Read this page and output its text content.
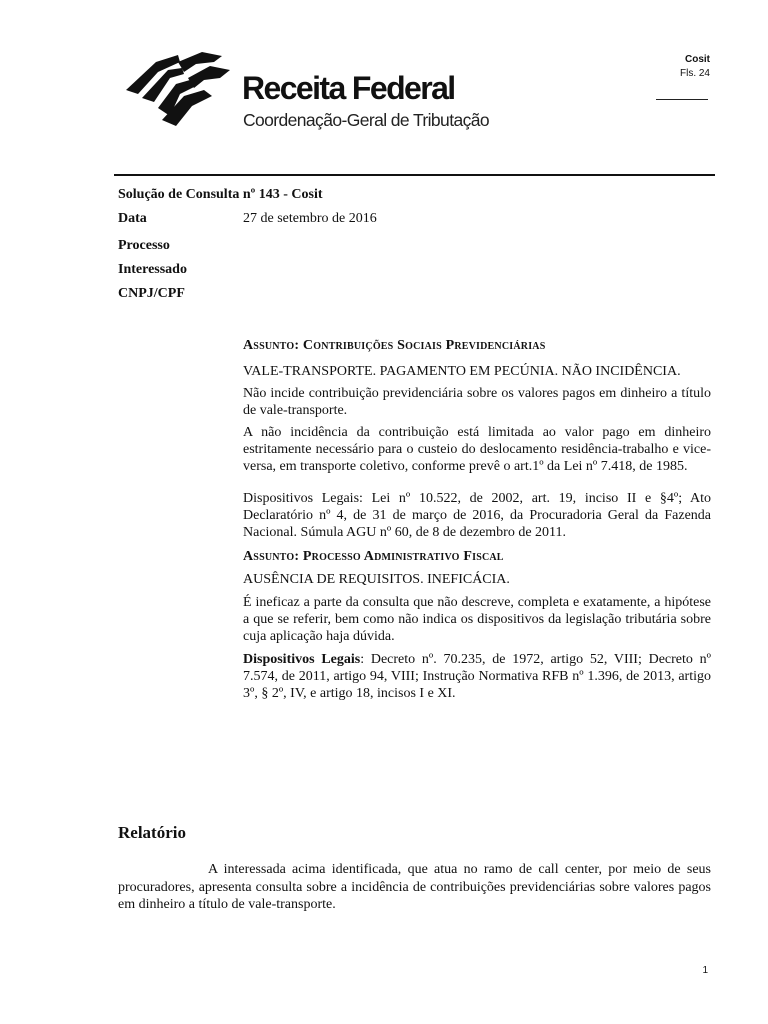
Receita Federal
Coordenação-Geral de Tributação
Cosit
Fls. 24
Solução de Consulta nº 143 - Cosit
Data	27 de setembro de 2016
Processo
Interessado
CNPJ/CPF

Assunto: Contribuições Sociais Previdenciárias

VALE-TRANSPORTE. PAGAMENTO EM PECÚNIA. NÃO INCIDÊNCIA.

Não incide contribuição previdenciária sobre os valores pagos em dinheiro a título de vale-transporte.

A não incidência da contribuição está limitada ao valor pago em dinheiro estritamente necessário para o custeio do deslocamento residência-trabalho e vice-versa, em transporte coletivo, conforme prevê o art.1º da Lei nº 7.418, de 1985.

Dispositivos Legais: Lei nº 10.522, de 2002, art. 19, inciso II e §4º; Ato Declaratório nº 4, de 31 de março de 2016, da Procuradoria Geral da Fazenda Nacional. Súmula AGU nº 60, de 8 de dezembro de 2011.

Assunto: Processo Administrativo Fiscal

AUSÊNCIA DE REQUISITOS. INEFICÁCIA.

É ineficaz a parte da consulta que não descreve, completa e exatamente, a hipótese a que se referir, bem como não indica os dispositivos da legislação tributária sobre cuja aplicação haja dúvida.

Dispositivos Legais: Decreto nº. 70.235, de 1972, artigo 52, VIII; Decreto nº 7.574, de 2011, artigo 94, VIII; Instrução Normativa RFB nº 1.396, de 2013, artigo 3º, § 2º, IV, e artigo 18, incisos I e XI.

Relatório
A interessada acima identificada, que atua no ramo de call center, por meio de seus procuradores, apresenta consulta sobre a incidência de contribuições previdenciárias sobre valores pagos em dinheiro a título de vale-transporte.
1
